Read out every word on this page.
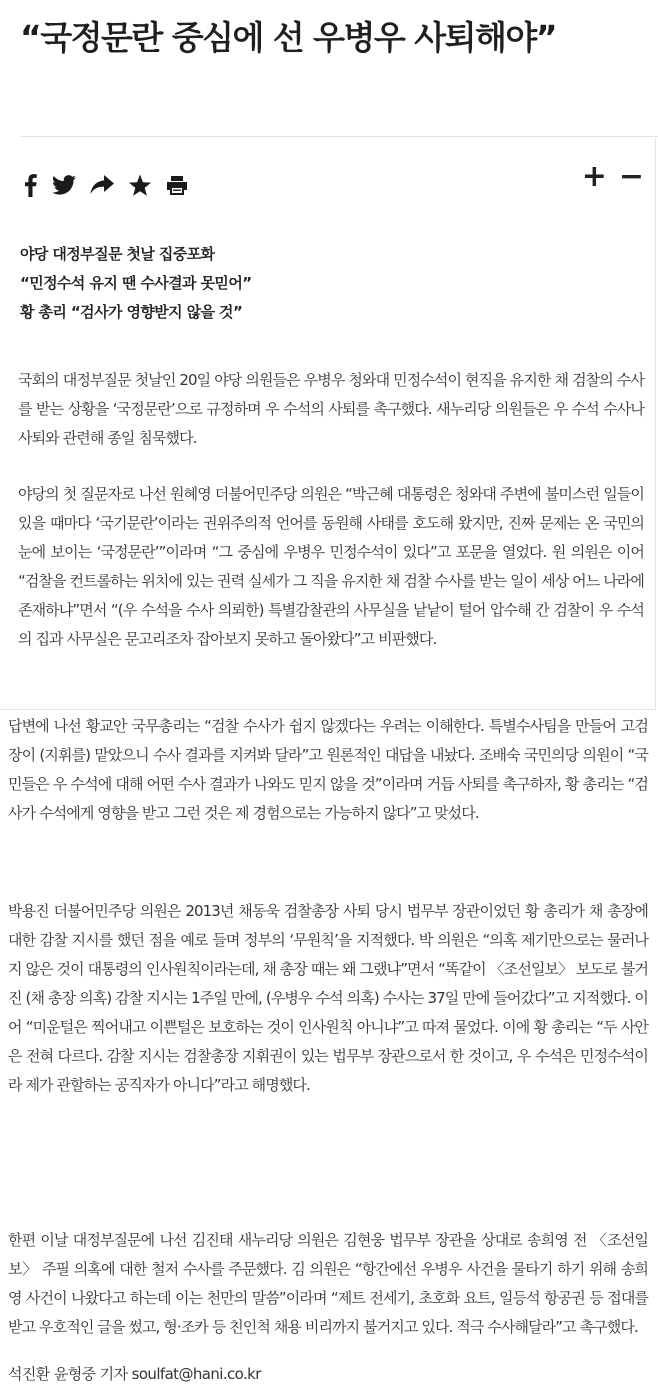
“국정문란 중심에 선 우병우 사퇴해야”
+ −
야당 대정부질문 첫날 집중포화
“민정수석 유지 땐 수사결과 못믿어”
황 총리 “검사가 영향받지 않을 것”

국회의 대정부질문 첫날인 20일 야당 의원들은 우병우 청와대 민정수석이 현직을 유지한 채 검찰의 수사를 받는 상황을 ‘국정문란’으로 규정하며 우 수석의 사퇴를 촉구했다. 새누리당 의원들은 우 수석 수사나 사퇴와 관련해 종일 침묵했다.

야당의 첫 질문자로 나선 원혜영 더불어민주당 의원은 “박근혜 대통령은 청와대 주변에 불미스런 일들이 있을 때마다 ‘국기문란’이라는 권위주의적 언어를 동원해 사태를 호도해 왔지만, 진짜 문제는 온 국민의 눈에 보이는 ‘국정문란’”이라며 “그 중심에 우병우 민정수석이 있다”고 포문을 열었다. 원 의원은 이어 “검찰을 컨트롤하는 위치에 있는 권력 실세가 그 직을 유지한 채 검찰 수사를 받는 일이 세상 어느 나라에 존재하냐”면서 “(우 수석을 수사 의뢰한) 특별감찰관의 사무실을 낱낱이 털어 압수해 간 검찰이 우 수석의 집과 사무실은 문고리조차 잡아보지 못하고 돌아왔다”고 비판했다.

답변에 나선 황교안 국무총리는 “검찰 수사가 쉽지 않겠다는 우려는 이해한다. 특별수사팀을 만들어 고검장이 (지휘를) 맡았으니 수사 결과를 지켜봐 달라”고 원론적인 대답을 내놨다. 조배숙 국민의당 의원이 “국민들은 우 수석에 대해 어떤 수사 결과가 나와도 믿지 않을 것”이라며 거듭 사퇴를 촉구하자, 황 총리는 “검사가 수석에게 영향을 받고 그런 것은 제 경험으로는 가능하지 않다”고 맞섰다.

박용진 더불어민주당 의원은 2013년 채동욱 검찰총장 사퇴 당시 법무부 장관이었던 황 총리가 채 총장에 대한 감찰 지시를 했던 점을 예로 들며 정부의 ‘무원칙’을 지적했다. 박 의원은 “의혹 제기만으로는 물러나지 않은 것이 대통령의 인사원칙이라는데, 채 총장 때는 왜 그랬냐”면서 “똑같이 〈조선일보〉 보도로 불거진 (채 총장 의혹) 감찰 지시는 1주일 만에, (우병우 수석 의혹) 수사는 37일 만에 들어갔다”고 지적했다. 이어 “미운털은 찍어내고 이쁜털은 보호하는 것이 인사원칙 아니냐”고 따져 물었다. 이에 황 총리는 “두 사안은 전혀 다르다. 감찰 지시는 검찰총장 지휘권이 있는 법무부 장관으로서 한 것이고, 우 수석은 민정수석이라 제가 관할하는 공직자가 아니다”라고 해명했다.

한편 이날 대정부질문에 나선 김진태 새누리당 의원은 김현웅 법무부 장관을 상대로 송희영 전 〈조선일보〉 주필 의혹에 대한 철저 수사를 주문했다. 김 의원은 “항간에선 우병우 사건을 물타기 하기 위해 송희영 사건이 나왔다고 하는데 이는 천만의 말씀”이라며 “제트 전세기, 초호화 요트, 일등석 항공권 등 접대를 받고 우호적인 글을 썼고, 형·조카 등 친인척 채용 비리까지 불거지고 있다. 적극 수사해달라”고 촉구했다.

석진환 윤형중 기자 soulfat@hani.co.kr
